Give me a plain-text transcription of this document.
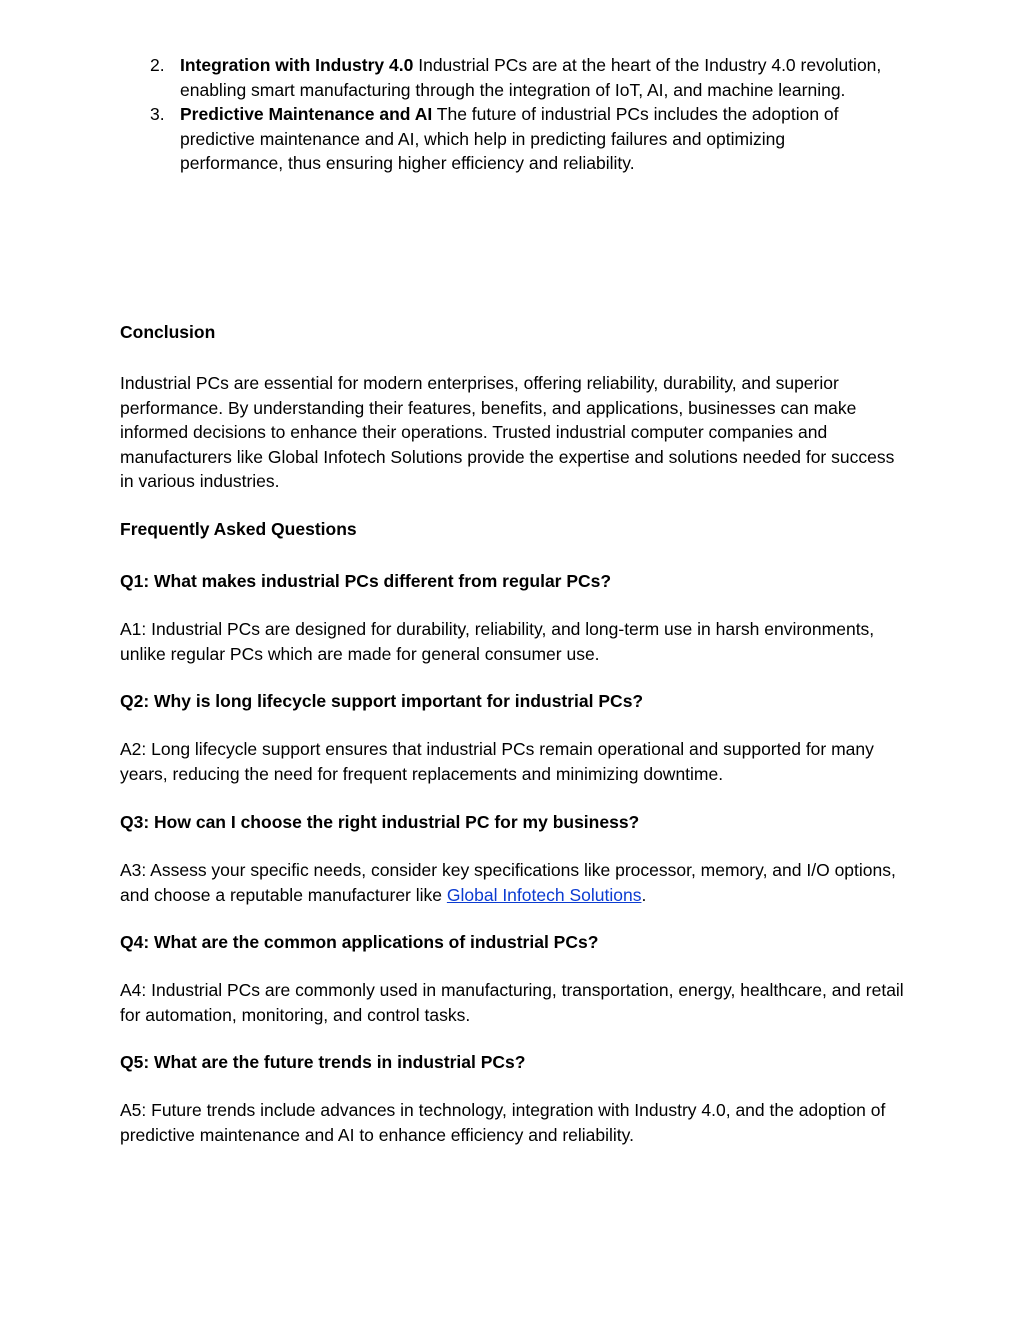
2. Integration with Industry 4.0 Industrial PCs are at the heart of the Industry 4.0 revolution, enabling smart manufacturing through the integration of IoT, AI, and machine learning.
3. Predictive Maintenance and AI The future of industrial PCs includes the adoption of predictive maintenance and AI, which help in predicting failures and optimizing performance, thus ensuring higher efficiency and reliability.
Conclusion
Industrial PCs are essential for modern enterprises, offering reliability, durability, and superior performance. By understanding their features, benefits, and applications, businesses can make informed decisions to enhance their operations. Trusted industrial computer companies and manufacturers like Global Infotech Solutions provide the expertise and solutions needed for success in various industries.
Frequently Asked Questions
Q1: What makes industrial PCs different from regular PCs?
A1: Industrial PCs are designed for durability, reliability, and long-term use in harsh environments, unlike regular PCs which are made for general consumer use.
Q2: Why is long lifecycle support important for industrial PCs?
A2: Long lifecycle support ensures that industrial PCs remain operational and supported for many years, reducing the need for frequent replacements and minimizing downtime.
Q3: How can I choose the right industrial PC for my business?
A3: Assess your specific needs, consider key specifications like processor, memory, and I/O options, and choose a reputable manufacturer like Global Infotech Solutions.
Q4: What are the common applications of industrial PCs?
A4: Industrial PCs are commonly used in manufacturing, transportation, energy, healthcare, and retail for automation, monitoring, and control tasks.
Q5: What are the future trends in industrial PCs?
A5: Future trends include advances in technology, integration with Industry 4.0, and the adoption of predictive maintenance and AI to enhance efficiency and reliability.
